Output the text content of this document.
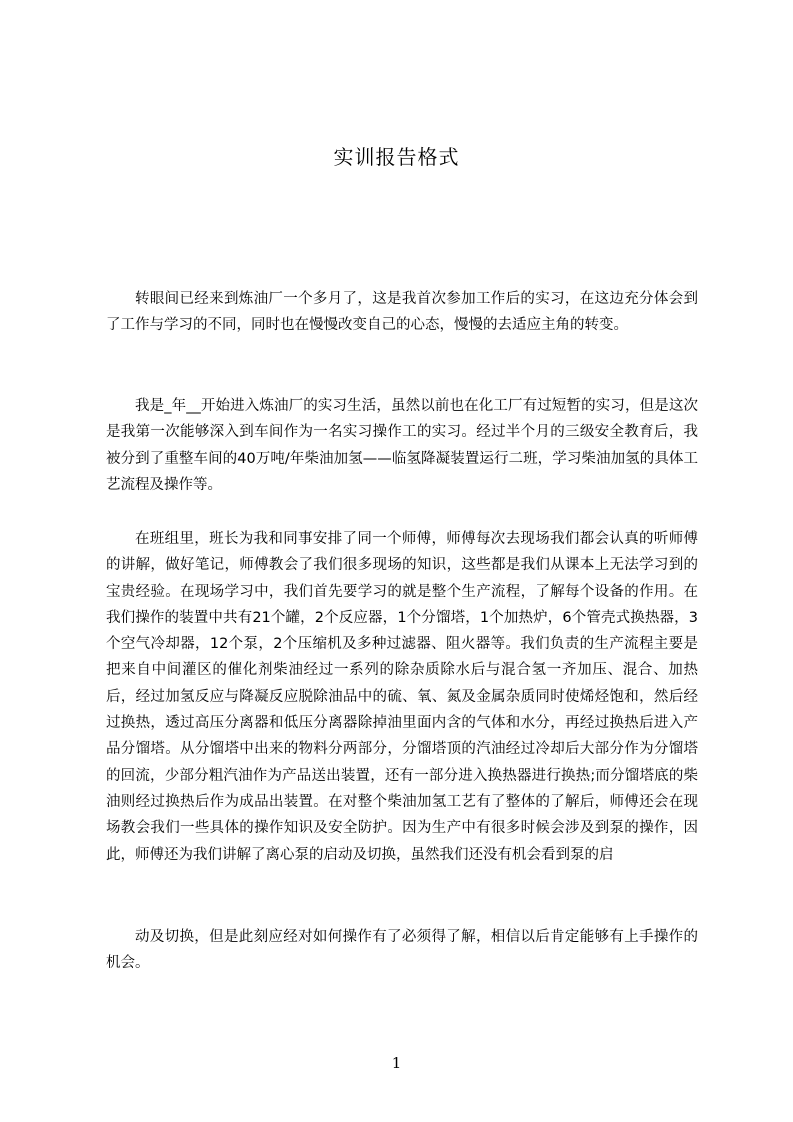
实训报告格式
转眼间已经来到炼油厂一个多月了，这是我首次参加工作后的实习，在这边充分体会到了工作与学习的不同，同时也在慢慢改变自己的心态，慢慢的去适应主角的转变。
我是_年__开始进入炼油厂的实习生活，虽然以前也在化工厂有过短暂的实习，但是这次是我第一次能够深入到车间作为一名实习操作工的实习。经过半个月的三级安全教育后，我被分到了重整车间的40万吨/年柴油加氢——临氢降凝装置运行二班，学习柴油加氢的具体工艺流程及操作等。
在班组里，班长为我和同事安排了同一个师傅，师傅每次去现场我们都会认真的听师傅的讲解，做好笔记，师傅教会了我们很多现场的知识，这些都是我们从课本上无法学习到的宝贵经验。在现场学习中，我们首先要学习的就是整个生产流程，了解每个设备的作用。在我们操作的装置中共有21个罐，2个反应器，1个分馏塔，1个加热炉，6个管壳式换热器，3个空气冷却器，12个泵，2个压缩机及多种过滤器、阻火器等。我们负责的生产流程主要是把来自中间灌区的催化剂柴油经过一系列的除杂质除水后与混合氢一齐加压、混合、加热后，经过加氢反应与降凝反应脱除油品中的硫、氧、氮及金属杂质同时使烯烃饱和，然后经过换热，透过高压分离器和低压分离器除掉油里面内含的气体和水分，再经过换热后进入产品分馏塔。从分馏塔中出来的物料分两部分，分馏塔顶的汽油经过冷却后大部分作为分馏塔的回流，少部分粗汽油作为产品送出装置，还有一部分进入换热器进行换热;而分馏塔底的柴油则经过换热后作为成品出装置。在对整个柴油加氢工艺有了整体的了解后，师傅还会在现场教会我们一些具体的操作知识及安全防护。因为生产中有很多时候会涉及到泵的操作，因此，师傅还为我们讲解了离心泵的启动及切换，虽然我们还没有机会看到泵的启
动及切换，但是此刻应经对如何操作有了必须得了解，相信以后肯定能够有上手操作的机会。
1
